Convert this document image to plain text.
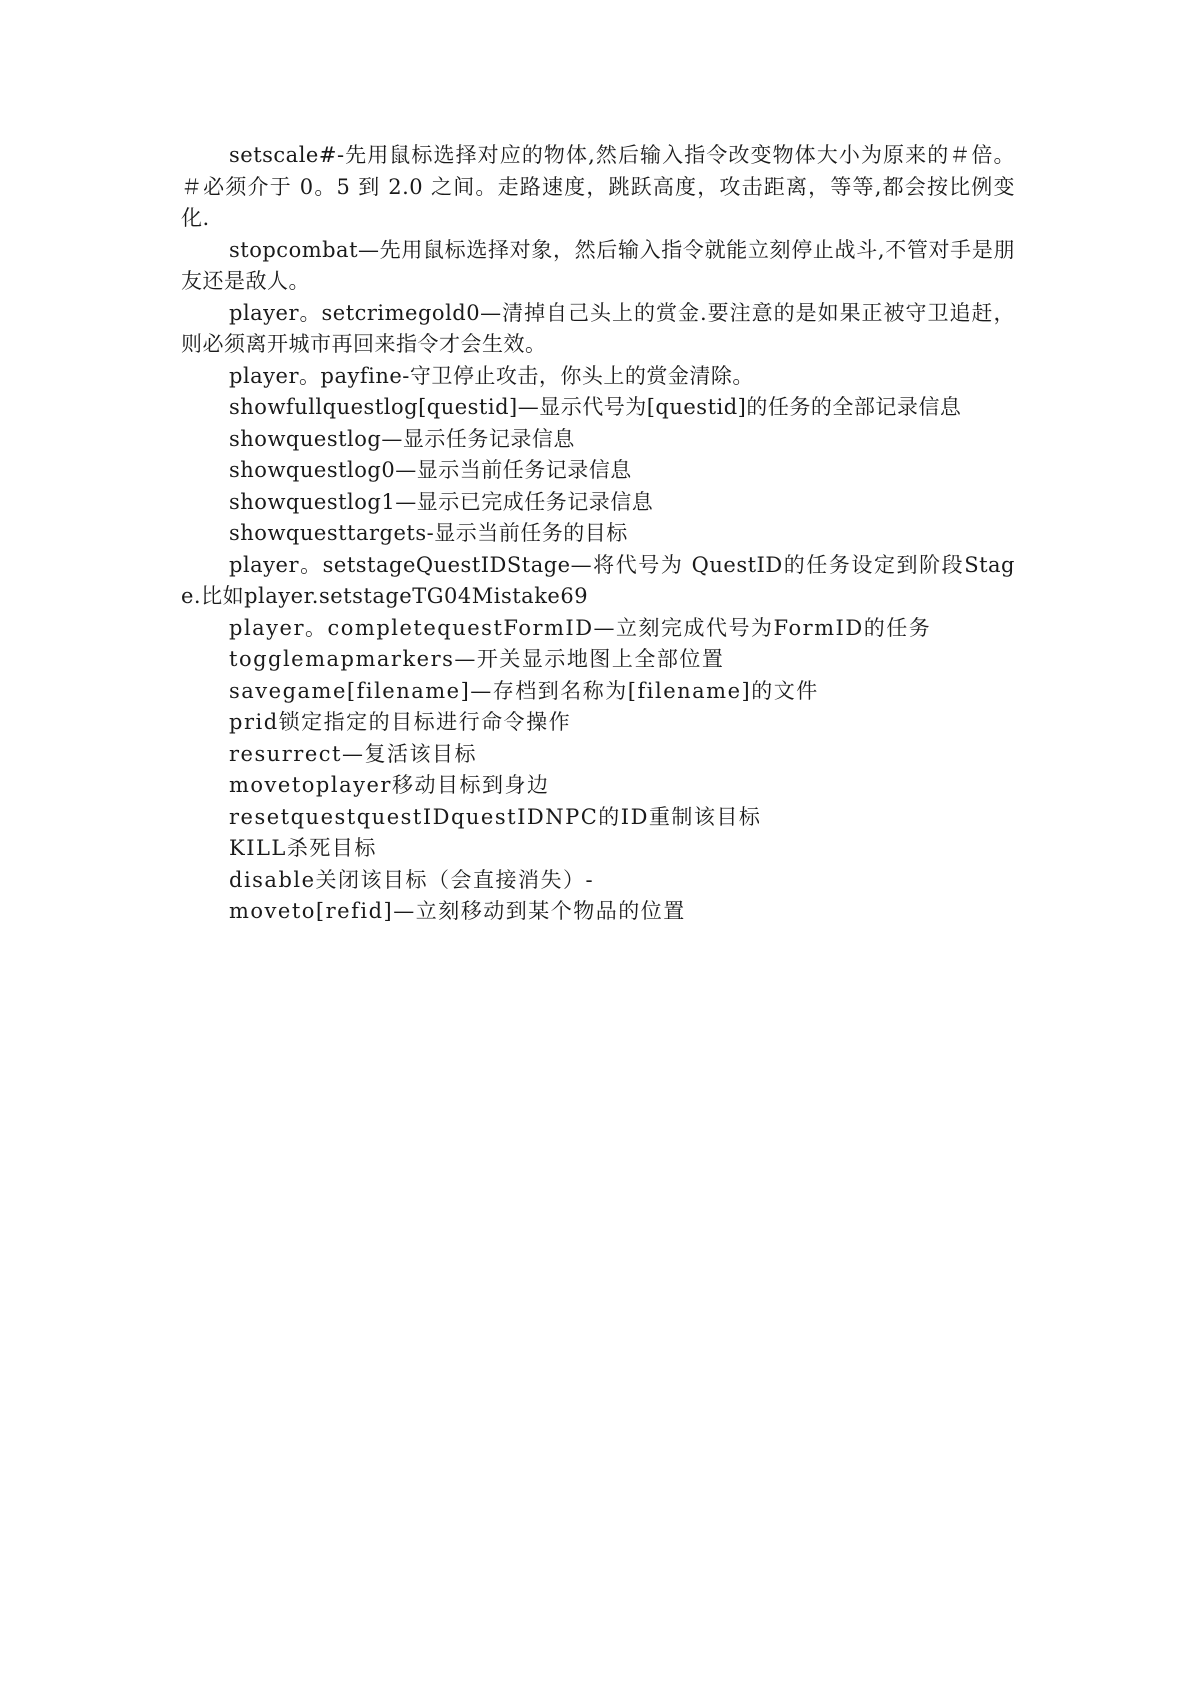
setscale#-先用鼠标选择对应的物体,然后输入指令改变物体大小为原来的＃倍。＃必须介于 0。5 到 2.0 之间。走路速度，跳跃高度，攻击距离，等等,都会按比例变化.

stopcombat—先用鼠标选择对象，然后输入指令就能立刻停止战斗,不管对手是朋友还是敌人。

player。setcrimegold0—清掉自己头上的赏金.要注意的是如果正被守卫追赶，则必须离开城市再回来指令才会生效。

player。payfine-守卫停止攻击，你头上的赏金清除。

showfullquestlog[questid]—显示代号为[questid]的任务的全部记录信息

showquestlog—显示任务记录信息

showquestlog0—显示当前任务记录信息

showquestlog1—显示已完成任务记录信息

showquesttargets-显示当前任务的目标

player。setstageQuestIDStage—将代号为 QuestID的任务设定到阶段Stage.比如player.setstageTG04Mistake69

player。completequestFormID—立刻完成代号为FormID的任务

togglemapmarkers—开关显示地图上全部位置

savegame[filename]—存档到名称为[filename]的文件

prid锁定指定的目标进行命令操作

resurrect—复活该目标

movetoplayer移动目标到身边

resetquestquestIDquestIDNPC的ID重制该目标

KILL杀死目标

disable关闭该目标（会直接消失）-

moveto[refid]—立刻移动到某个物品的位置
